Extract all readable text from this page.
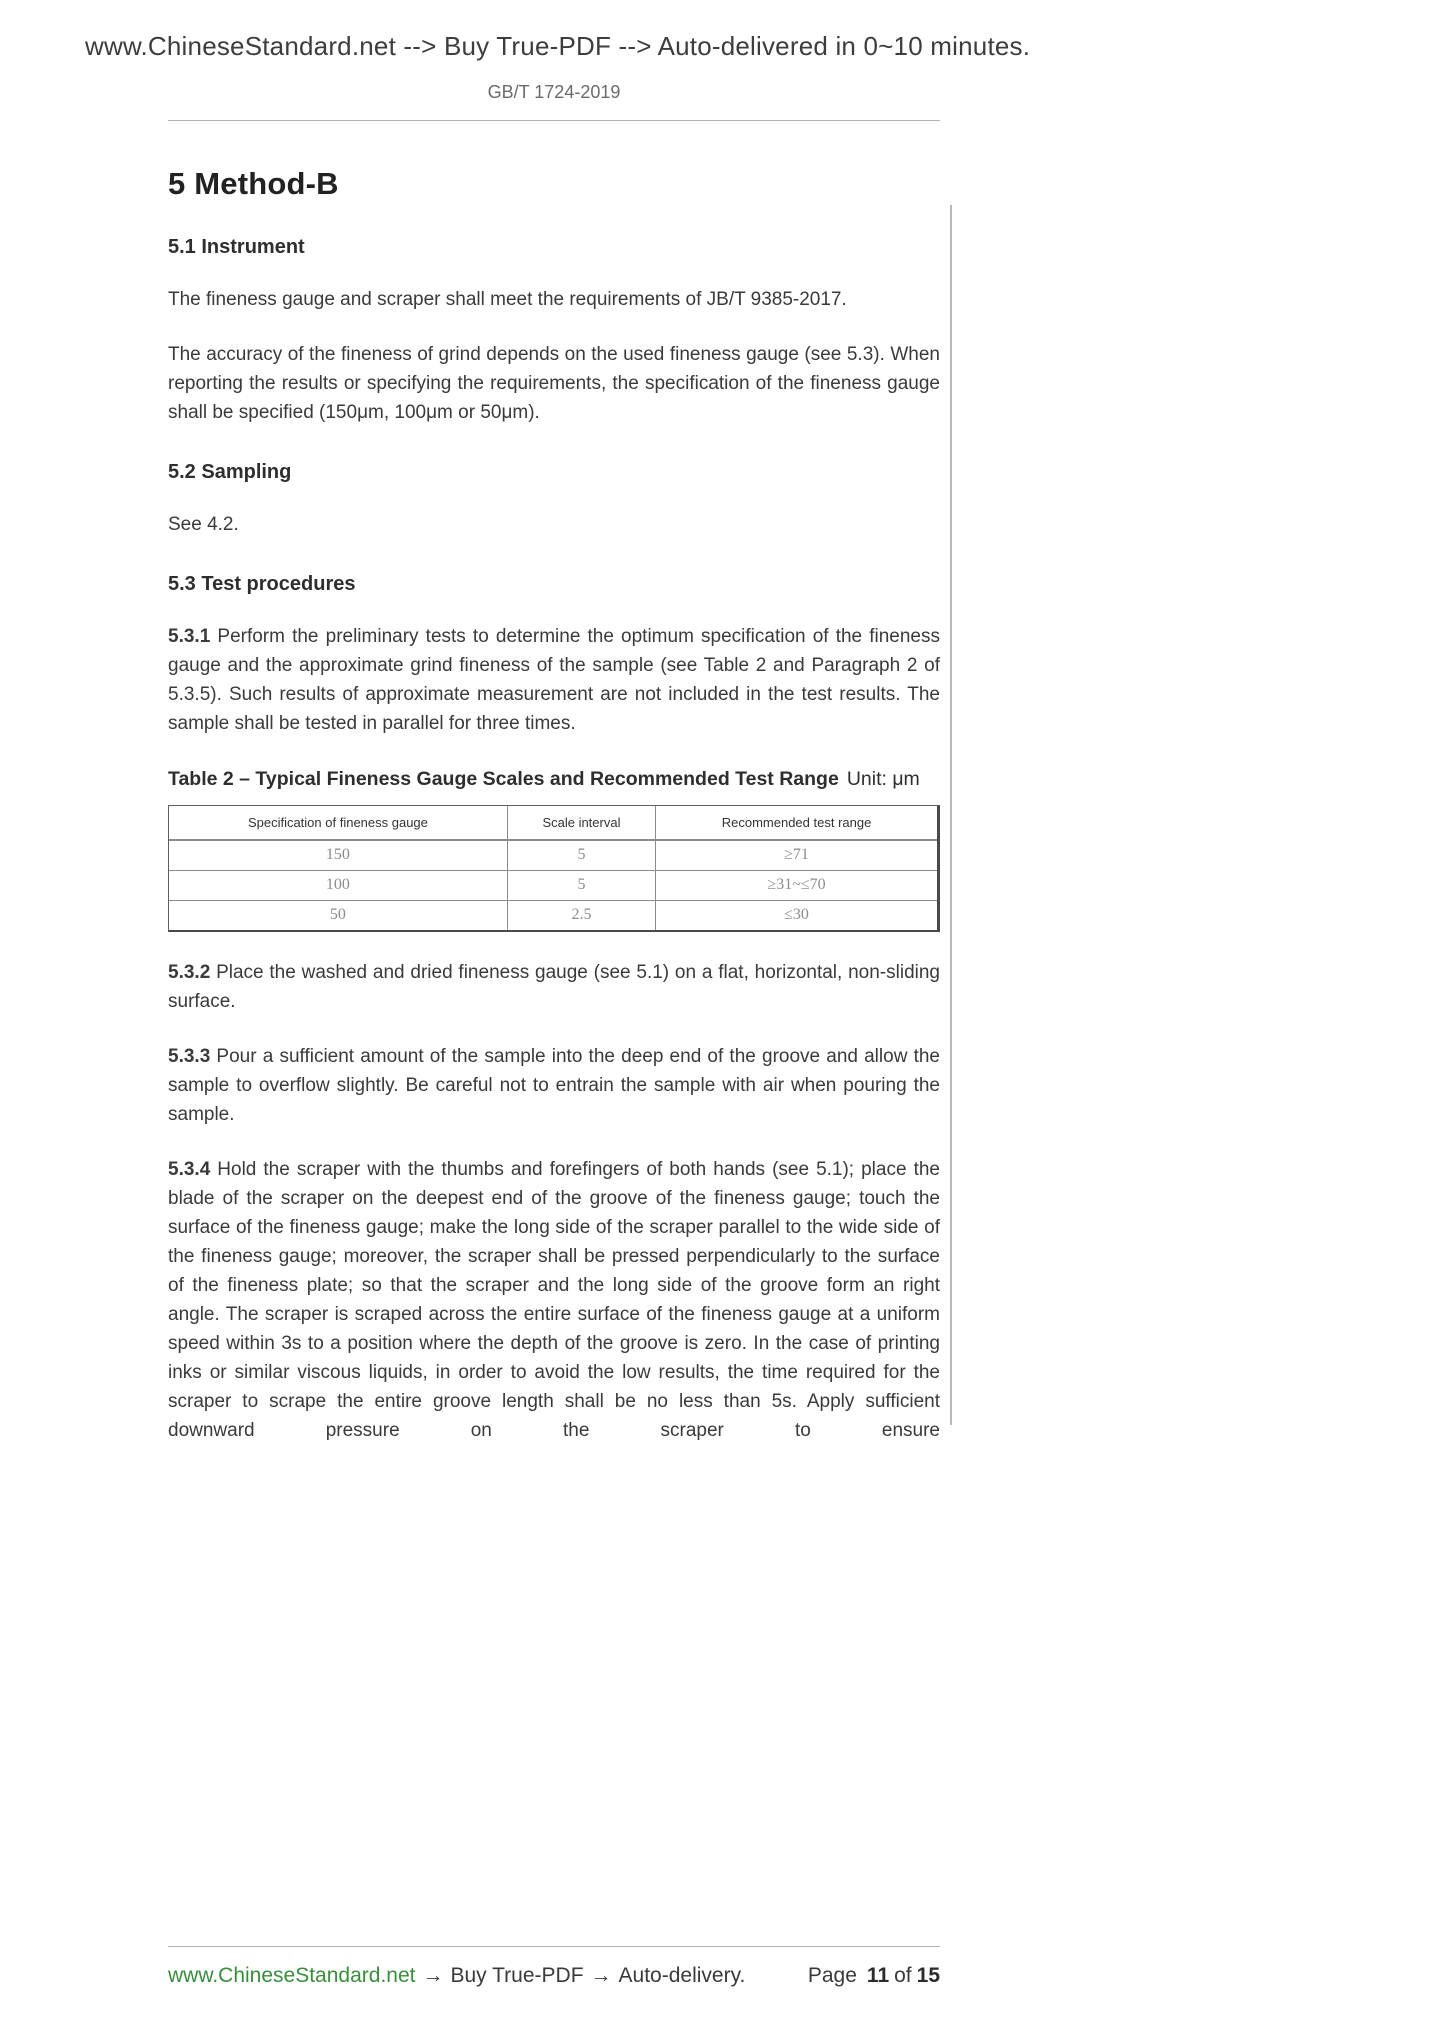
www.ChineseStandard.net --> Buy True-PDF --> Auto-delivered in 0~10 minutes.
GB/T 1724-2019
5 Method-B
5.1 Instrument

The fineness gauge and scraper shall meet the requirements of JB/T 9385-2017.

The accuracy of the fineness of grind depends on the used fineness gauge (see 5.3). When reporting the results or specifying the requirements, the specification of the fineness gauge shall be specified (150μm, 100μm or 50μm).

5.2 Sampling

See 4.2.

5.3 Test procedures

5.3.1 Perform the preliminary tests to determine the optimum specification of the fineness gauge and the approximate grind fineness of the sample (see Table 2 and Paragraph 2 of 5.3.5). Such results of approximate measurement are not included in the test results. The sample shall be tested in parallel for three times.

Table 2 – Typical Fineness Gauge Scales and Recommended Test Range Unit: μm
Specification of fineness gauge	Scale interval	Recommended test range
150	5	≥71
100	5	≥31~≤70
50	2.5	≤30

5.3.2 Place the washed and dried fineness gauge (see 5.1) on a flat, horizontal, non-sliding surface.

5.3.3 Pour a sufficient amount of the sample into the deep end of the groove and allow the sample to overflow slightly. Be careful not to entrain the sample with air when pouring the sample.

5.3.4 Hold the scraper with the thumbs and forefingers of both hands (see 5.1); place the blade of the scraper on the deepest end of the groove of the fineness gauge; touch the surface of the fineness gauge; make the long side of the scraper parallel to the wide side of the fineness gauge; moreover, the scraper shall be pressed perpendicularly to the surface of the fineness plate; so that the scraper and the long side of the groove form an right angle. The scraper is scraped across the entire surface of the fineness gauge at a uniform speed within 3s to a position where the depth of the groove is zero. In the case of printing inks or similar viscous liquids, in order to avoid the low results, the time required for the scraper to scrape the entire groove length shall be no less than 5s. Apply sufficient downward pressure on the scraper to ensure

www.ChineseStandard.net → Buy True-PDF → Auto-delivery.	Page 11 of 15
